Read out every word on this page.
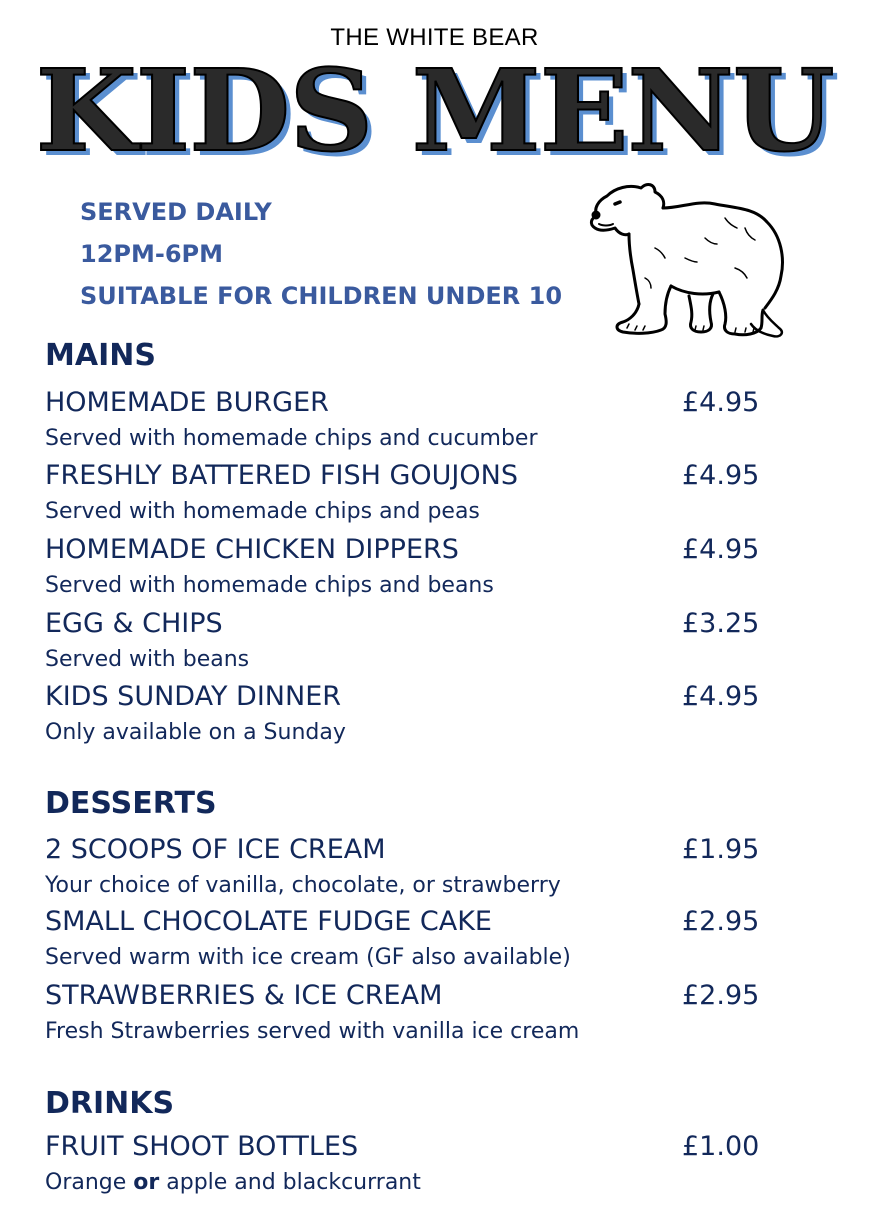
THE WHITE BEAR
KIDS MENU
SERVED DAILY
12PM-6PM
SUITABLE FOR CHILDREN UNDER 10
MAINS
HOMEMADE BURGER	£4.95
Served with homemade chips and cucumber
FRESHLY BATTERED FISH GOUJONS	£4.95
Served with homemade chips and peas
HOMEMADE CHICKEN DIPPERS	£4.95
Served with homemade chips and beans
EGG & CHIPS	£3.25
Served with beans
KIDS SUNDAY DINNER	£4.95
Only available on a Sunday
DESSERTS
2 SCOOPS OF ICE CREAM	£1.95
Your choice of vanilla, chocolate, or strawberry
SMALL CHOCOLATE FUDGE CAKE	£2.95
Served warm with ice cream (GF also available)
STRAWBERRIES & ICE CREAM	£2.95
Fresh Strawberries served with vanilla ice cream
DRINKS
FRUIT SHOOT BOTTLES	£1.00
Orange or apple and blackcurrant
